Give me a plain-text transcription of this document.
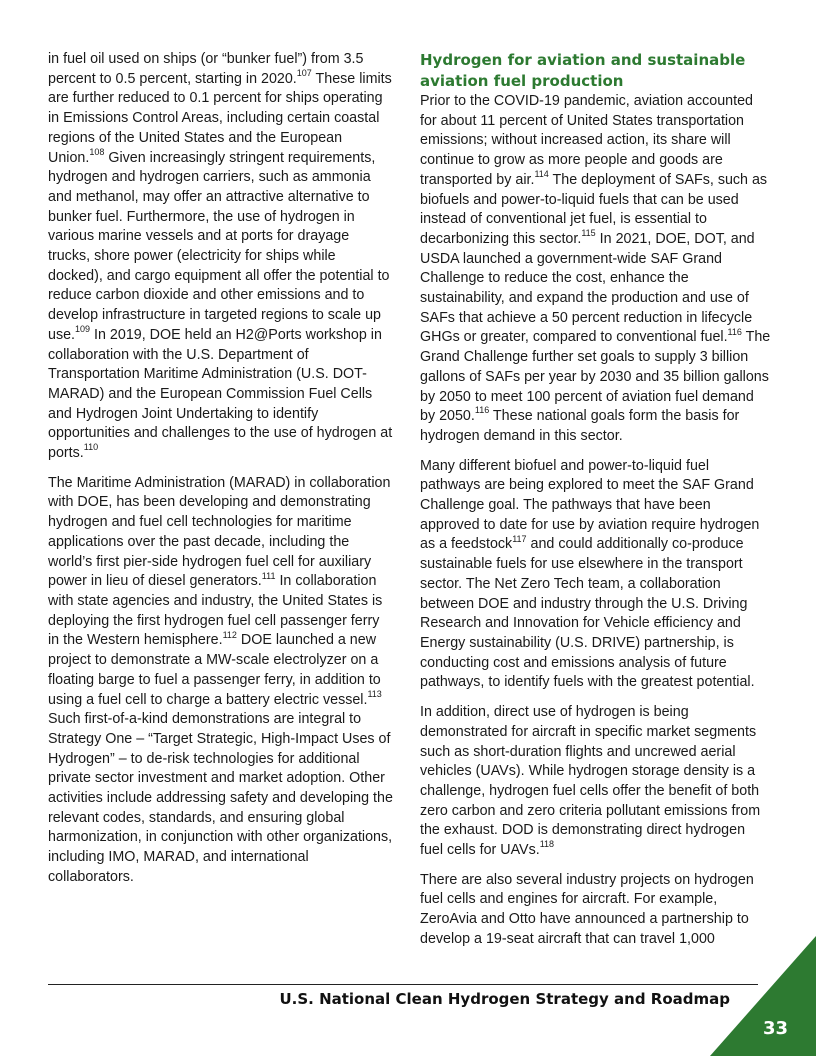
in fuel oil used on ships (or “bunker fuel”) from 3.5 percent to 0.5 percent, starting in 2020.$^{107}$ These limits are further reduced to 0.1 percent for ships operating in Emissions Control Areas, including certain coastal regions of the United States and the European Union.$^{108}$ Given increasingly stringent requirements, hydrogen and hydrogen carriers, such as ammonia and methanol, may offer an attractive alternative to bunker fuel. Furthermore, the use of hydrogen in various marine vessels and at ports for drayage trucks, shore power (electricity for ships while docked), and cargo equipment all offer the potential to reduce carbon dioxide and other emissions and to develop infrastructure in targeted regions to scale up use.$^{109}$ In 2019, DOE held an H2@Ports workshop in collaboration with the U.S. Department of Transportation Maritime Administration (U.S. DOT-MARAD) and the European Commission Fuel Cells and Hydrogen Joint Undertaking to identify opportunities and challenges to the use of hydrogen at ports.$^{110}$

The Maritime Administration (MARAD) in collaboration with DOE, has been developing and demonstrating hydrogen and fuel cell technologies for maritime applications over the past decade, including the world’s first pier-side hydrogen fuel cell for auxiliary power in lieu of diesel generators.$^{111}$ In collaboration with state agencies and industry, the United States is deploying the first hydrogen fuel cell passenger ferry in the Western hemisphere.$^{112}$ DOE launched a new project to demonstrate a MW-scale electrolyzer on a floating barge to fuel a passenger ferry, in addition to using a fuel cell to charge a battery electric vessel.$^{113}$ Such first-of-a-kind demonstrations are integral to Strategy One – “Target Strategic, High-Impact Uses of Hydrogen” – to de-risk technologies for additional private sector investment and market adoption. Other activities include addressing safety and developing the relevant codes, standards, and ensuring global harmonization, in conjunction with other organizations, including IMO, MARAD, and international collaborators.

Hydrogen for aviation and sustainable aviation fuel production

Prior to the COVID-19 pandemic, aviation accounted for about 11 percent of United States transportation emissions; without increased action, its share will continue to grow as more people and goods are transported by air.$^{114}$ The deployment of SAFs, such as biofuels and power-to-liquid fuels that can be used instead of conventional jet fuel, is essential to decarbonizing this sector.$^{115}$ In 2021, DOE, DOT, and USDA launched a government-wide SAF Grand Challenge to reduce the cost, enhance the sustainability, and expand the production and use of SAFs that achieve a 50 percent reduction in lifecycle GHGs or greater, compared to conventional fuel.$^{116}$ The Grand Challenge further set goals to supply 3 billion gallons of SAFs per year by 2030 and 35 billion gallons by 2050 to meet 100 percent of aviation fuel demand by 2050.$^{116}$ These national goals form the basis for hydrogen demand in this sector.

Many different biofuel and power-to-liquid fuel pathways are being explored to meet the SAF Grand Challenge goal. The pathways that have been approved to date for use by aviation require hydrogen as a feedstock$^{117}$ and could additionally co-produce sustainable fuels for use elsewhere in the transport sector. The Net Zero Tech team, a collaboration between DOE and industry through the U.S. Driving Research and Innovation for Vehicle efficiency and Energy sustainability (U.S. DRIVE) partnership, is conducting cost and emissions analysis of future pathways, to identify fuels with the greatest potential.

In addition, direct use of hydrogen is being demonstrated for aircraft in specific market segments such as short-duration flights and uncrewed aerial vehicles (UAVs). While hydrogen storage density is a challenge, hydrogen fuel cells offer the benefit of both zero carbon and zero criteria pollutant emissions from the exhaust. DOD is demonstrating direct hydrogen fuel cells for UAVs.$^{118}$

There are also several industry projects on hydrogen fuel cells and engines for aircraft. For example, ZeroAvia and Otto have announced a partnership to develop a 19-seat aircraft that can travel 1,000

U.S. National Clean Hydrogen Strategy and Roadmap
33
